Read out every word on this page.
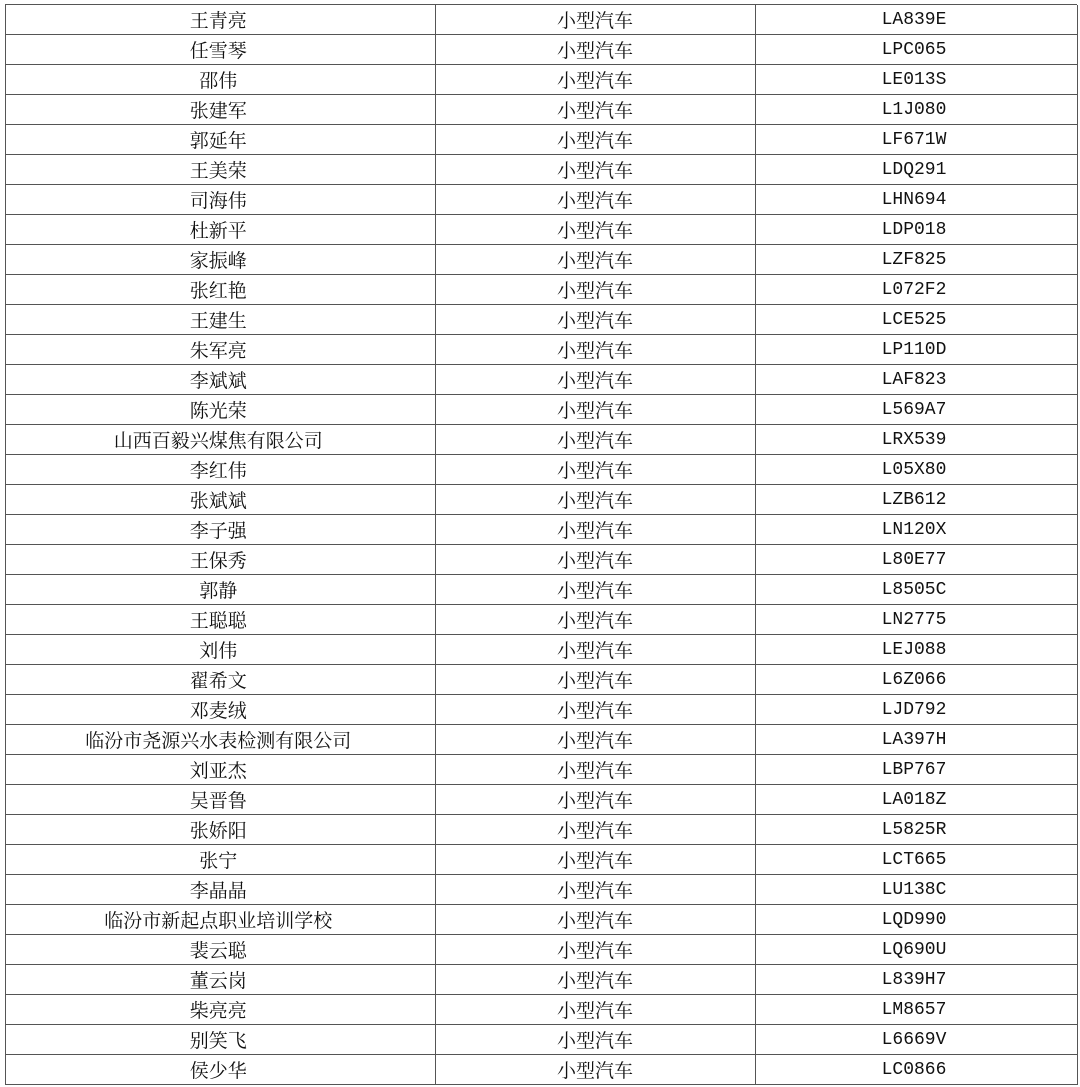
王青亮	小型汽车	LA839E
任雪琴	小型汽车	LPC065
邵伟	小型汽车	LE013S
张建军	小型汽车	L1J080
郭延年	小型汽车	LF671W
王美荣	小型汽车	LDQ291
司海伟	小型汽车	LHN694
杜新平	小型汽车	LDP018
家振峰	小型汽车	LZF825
张红艳	小型汽车	L072F2
王建生	小型汽车	LCE525
朱军亮	小型汽车	LP110D
李斌斌	小型汽车	LAF823
陈光荣	小型汽车	L569A7
山西百毅兴煤焦有限公司	小型汽车	LRX539
李红伟	小型汽车	L05X80
张斌斌	小型汽车	LZB612
李子强	小型汽车	LN120X
王保秀	小型汽车	L80E77
郭静	小型汽车	L8505C
王聪聪	小型汽车	LN2775
刘伟	小型汽车	LEJ088
翟希文	小型汽车	L6Z066
邓麦绒	小型汽车	LJD792
临汾市尧源兴水表检测有限公司	小型汽车	LA397H
刘亚杰	小型汽车	LBP767
吴晋鲁	小型汽车	LA018Z
张娇阳	小型汽车	L5825R
张宁	小型汽车	LCT665
李晶晶	小型汽车	LU138C
临汾市新起点职业培训学校	小型汽车	LQD990
裴云聪	小型汽车	LQ690U
董云岗	小型汽车	L839H7
柴亮亮	小型汽车	LM8657
别笑飞	小型汽车	L6669V
侯少华	小型汽车	LC0866
